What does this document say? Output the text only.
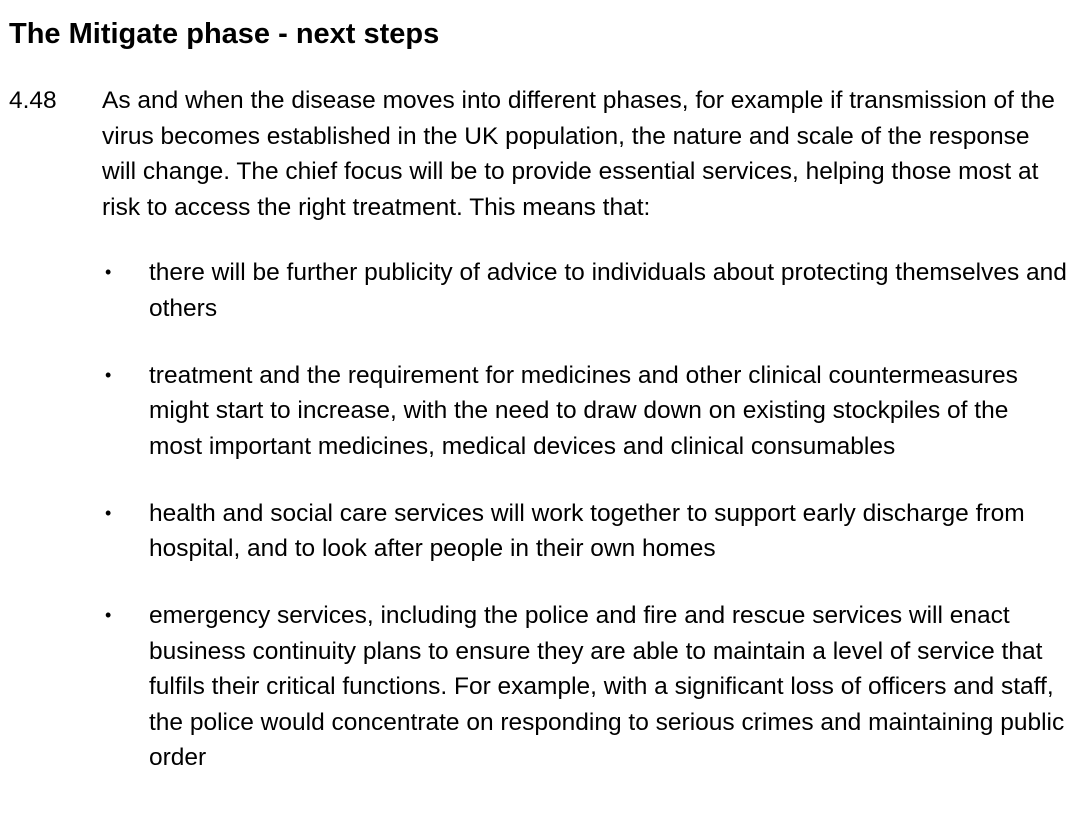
The Mitigate phase - next steps
4.48 As and when the disease moves into different phases, for example if transmission of the virus becomes established in the UK population, the nature and scale of the response will change. The chief focus will be to provide essential services, helping those most at risk to access the right treatment. This means that:

• there will be further publicity of advice to individuals about protecting themselves and others
• treatment and the requirement for medicines and other clinical countermeasures might start to increase, with the need to draw down on existing stockpiles of the most important medicines, medical devices and clinical consumables
• health and social care services will work together to support early discharge from hospital, and to look after people in their own homes
• emergency services, including the police and fire and rescue services will enact business continuity plans to ensure they are able to maintain a level of service that fulfils their critical functions. For example, with a significant loss of officers and staff, the police would concentrate on responding to serious crimes and maintaining public order
